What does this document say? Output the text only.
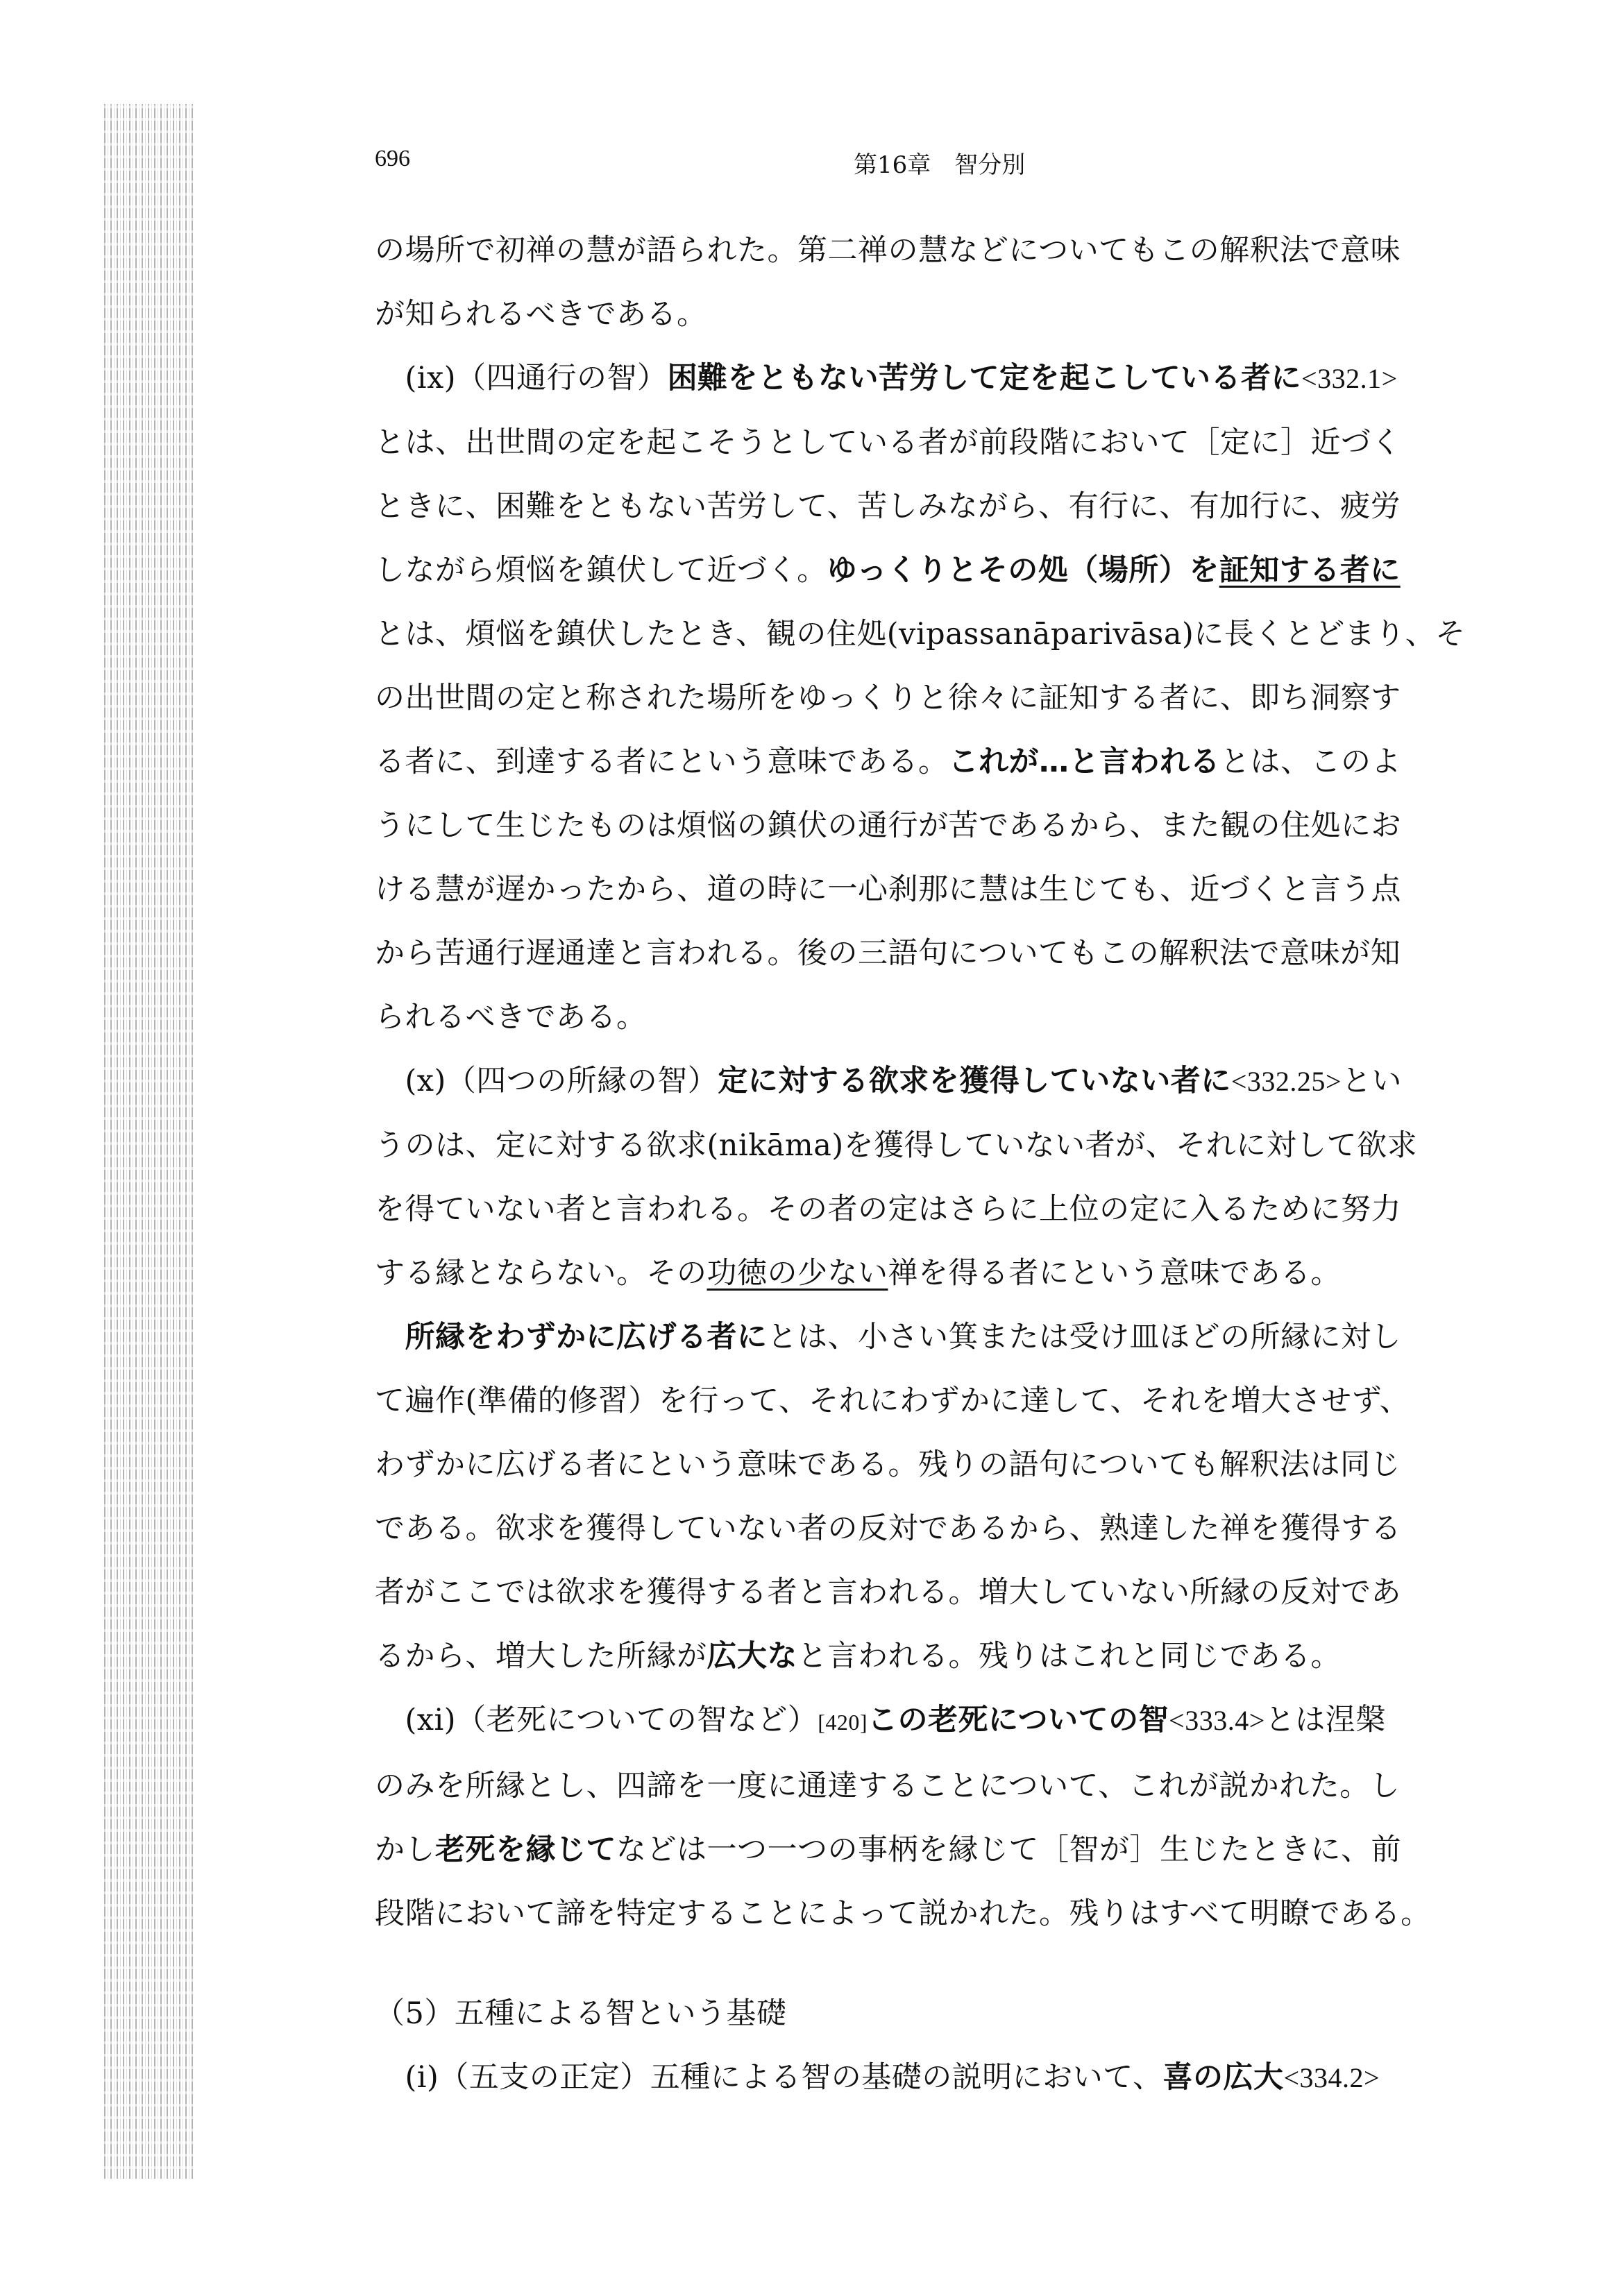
696	第16章　智分別

の場所で初禅の慧が語られた。第二禅の慧などについてもこの解釈法で意味

が知られるべきである。

　(ix)（四通行の智）困難をともない苦労して定を起こしている者に<332.1>

とは、出世間の定を起こそうとしている者が前段階において［定に］近づく

ときに、困難をともない苦労して、苦しみながら、有行に、有加行に、疲労

しながら煩悩を鎮伏して近づく。ゆっくりとその処（場所）を証知する者に

とは、煩悩を鎮伏したとき、観の住処(vipassanāparivāsa)に長くとどまり、そ

の出世間の定と称された場所をゆっくりと徐々に証知する者に、即ち洞察す

る者に、到達する者にという意味である。これが…と言われるとは、このよ

うにして生じたものは煩悩の鎮伏の通行が苦であるから、また観の住処にお

ける慧が遅かったから、道の時に一心刹那に慧は生じても、近づくと言う点

から苦通行遅通達と言われる。後の三語句についてもこの解釈法で意味が知

られるべきである。

　(x)（四つの所縁の智）定に対する欲求を獲得していない者に<332.25>とい

うのは、定に対する欲求(nikāma)を獲得していない者が、それに対して欲求

を得ていない者と言われる。その者の定はさらに上位の定に入るために努力

する縁とならない。その功徳の少ない禅を得る者にという意味である。

　所縁をわずかに広げる者にとは、小さい箕または受け皿ほどの所縁に対し

て遍作(準備的修習）を行って、それにわずかに達して、それを増大させず、

わずかに広げる者にという意味である。残りの語句についても解釈法は同じ

である。欲求を獲得していない者の反対であるから、熟達した禅を獲得する

者がここでは欲求を獲得する者と言われる。増大していない所縁の反対であ

るから、増大した所縁が広大なと言われる。残りはこれと同じである。

　(xi)（老死についての智など）[420]この老死についての智<333.4>とは涅槃

のみを所縁とし、四諦を一度に通達することについて、これが説かれた。し

かし老死を縁じてなどは一つ一つの事柄を縁じて［智が］生じたときに、前

段階において諦を特定することによって説かれた。残りはすべて明瞭である。

（5）五種による智という基礎

　(i)（五支の正定）五種による智の基礎の説明において、喜の広大<334.2>
